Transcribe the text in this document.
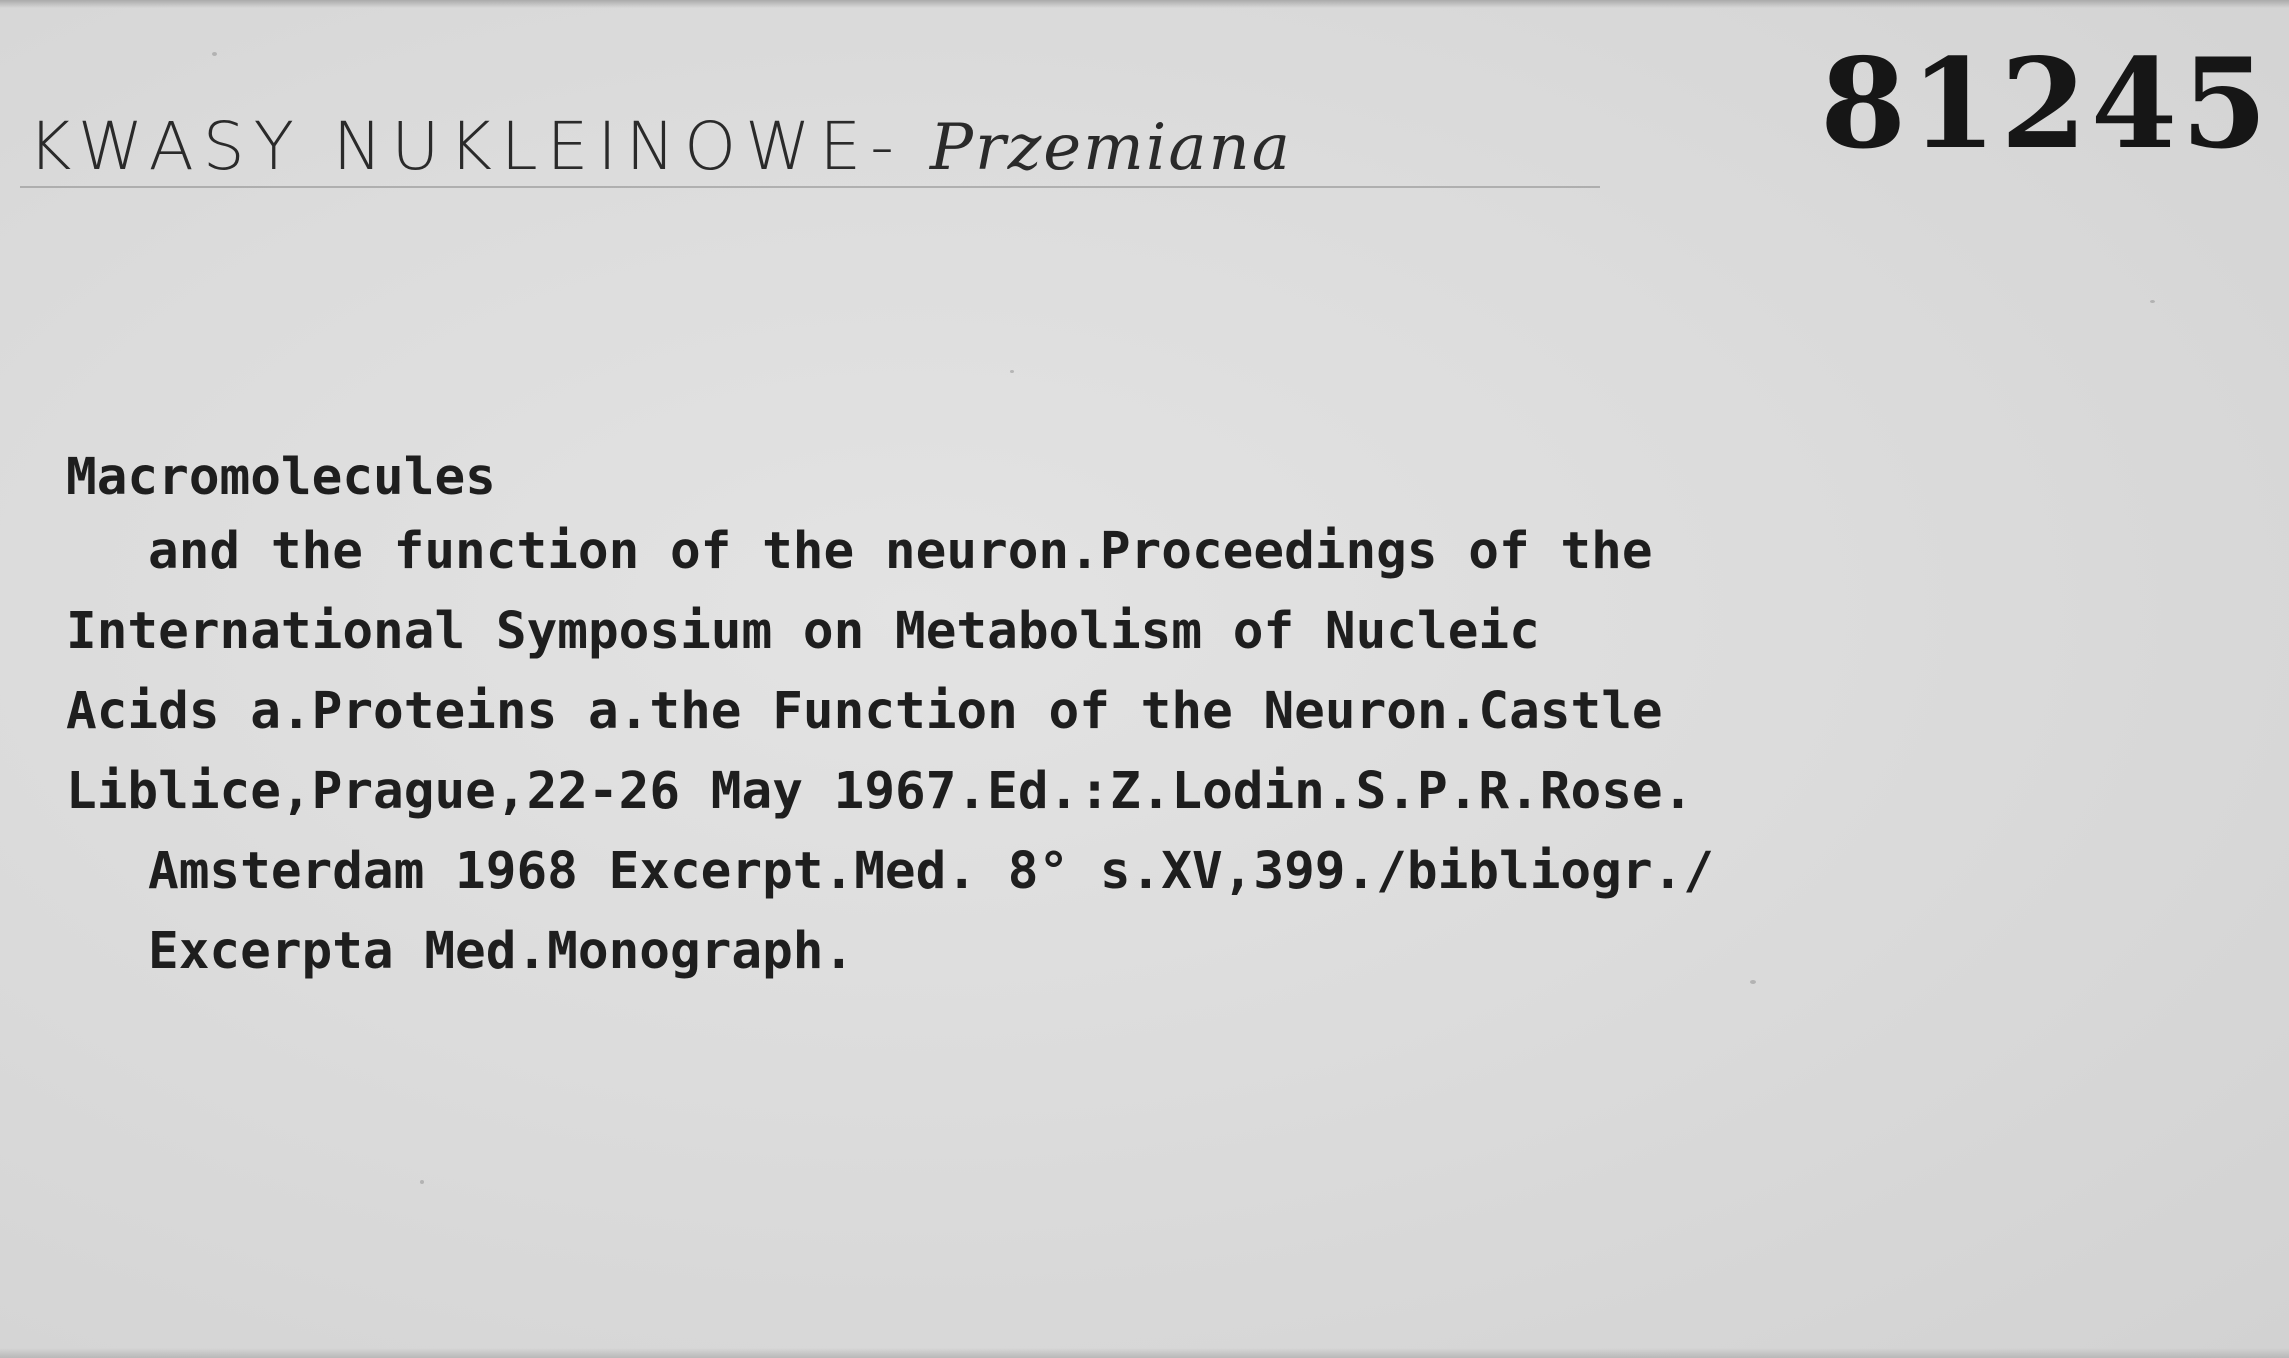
KWASY NUKLEINOWE- Przemiana	81245
Macromolecules
and the function of the neuron.Proceedings of the
International Symposium on Metabolism of Nucleic
Acids a.Proteins a.the Function of the Neuron.Castle
Liblice,Prague,22-26 May 1967.Ed.:Z.Lodin.S.P.R.Rose.
Amsterdam 1968 Excerpt.Med. 8° s.XV,399./bibliogr./
Excerpta Med.Monograph.
